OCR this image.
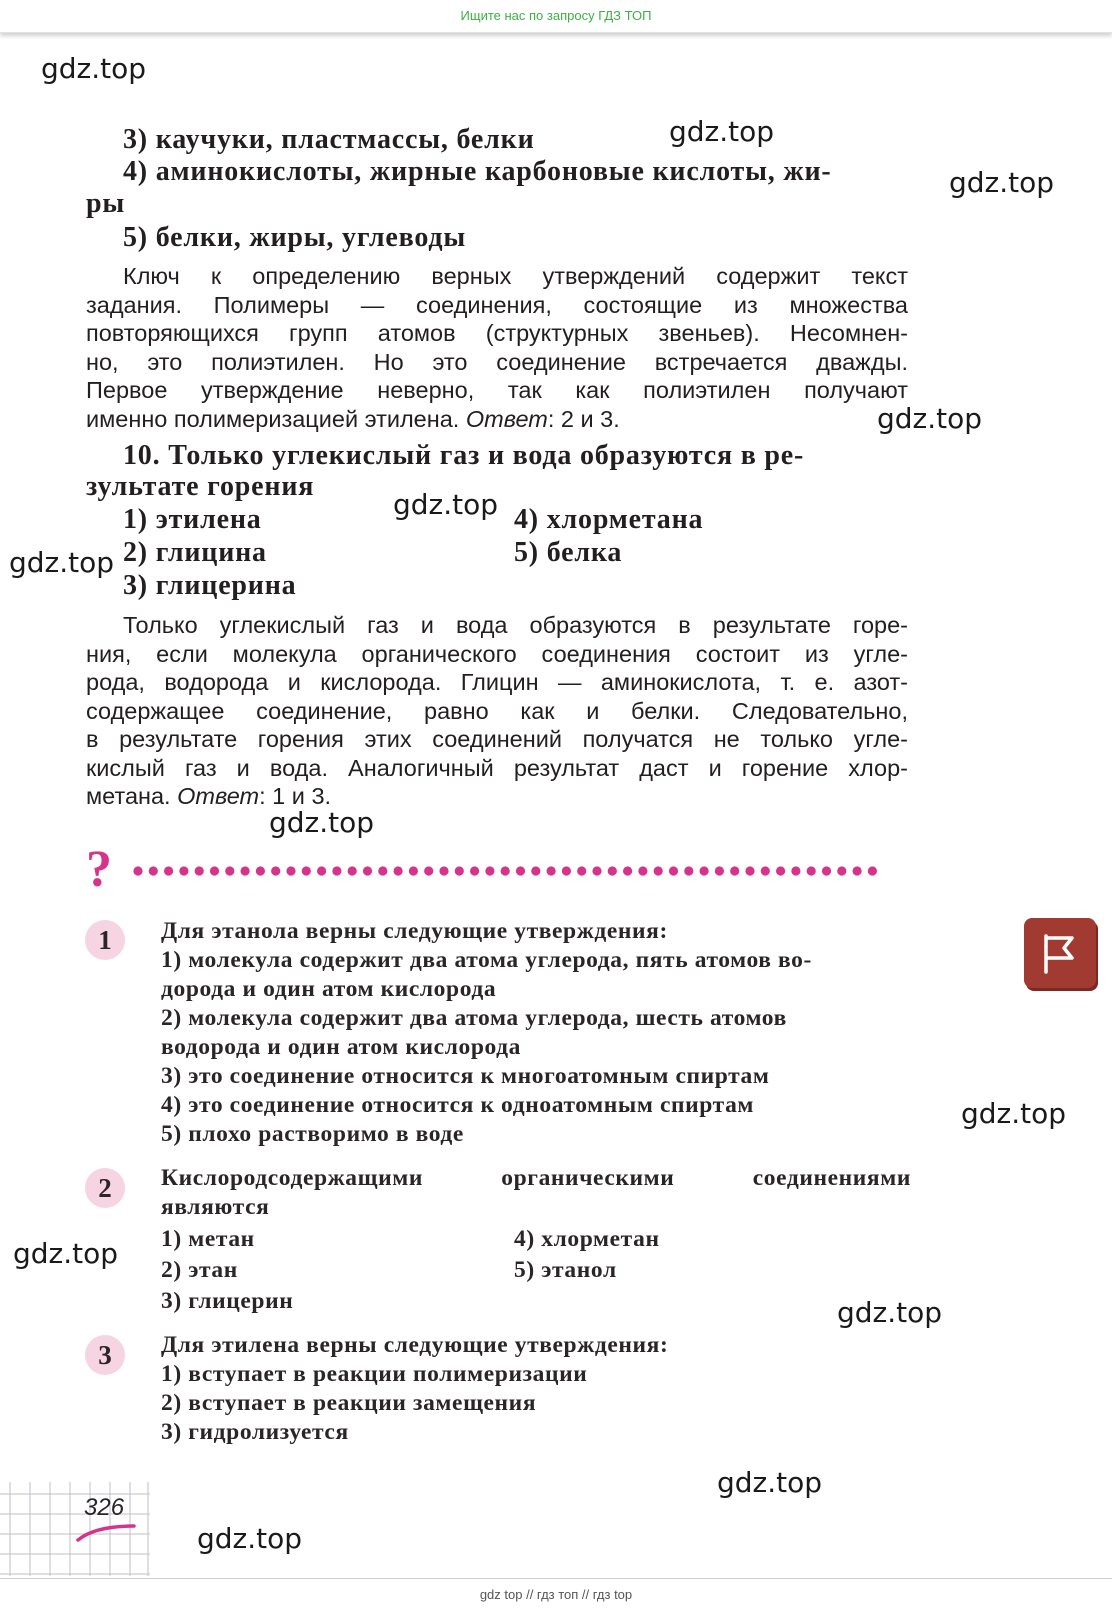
Ищите нас по запросу ГДЗ ТОП
gdz.top
gdz.top
gdz.top
gdz.top
gdz.top
gdz.top
gdz.top
gdz.top
gdz.top
gdz.top
gdz.top
gdz.top
3) каучуки, пластмассы, белки
4) аминокислоты, жирные карбоновые кислоты, жи-
ры
5) белки, жиры, углеводы
Ключ к определению верных утверждений содержит текст
задания. Полимеры — соединения, состоящие из множества
повторяющихся групп атомов (структурных звеньев). Несомнен-
но, это полиэтилен. Но это соединение встречается дважды.
Первое утверждение неверно, так как полиэтилен получают
именно полимеризацией этилена. Ответ: 2 и 3.
10. Только углекислый газ и вода образуются в ре-
зультате горения
1) этилена
2) глицина
3) глицерина
4) хлорметана
5) белка
Только углекислый газ и вода образуются в результате горе-
ния, если молекула органического соединения состоит из угле-
рода, водорода и кислорода. Глицин — аминокислота, т. е. азот-
содержащее соединение, равно как и белки. Следовательно,
в результате горения этих соединений получатся не только угле-
кислый газ и вода. Аналогичный результат даст и горение хлор-
метана. Ответ: 1 и 3.
?
1	Для этанола верны следующие утверждения:
1) молекула содержит два атома углерода, пять атомов во-
дорода и один атом кислорода
2) молекула содержит два атома углерода, шесть атомов
водорода и один атом кислорода
3) это соединение относится к многоатомным спиртам
4) это соединение относится к одноатомным спиртам
5) плохо растворимо в воде
2	Кислородсодержащими	органическими	соединениями
являются
1) метан
2) этан
3) глицерин
4) хлорметан
5) этанол
3	Для этилена верны следующие утверждения:
1) вступает в реакции полимеризации
2) вступает в реакции замещения
3) гидролизуется
326
gdz top // гдз топ // гдз top
